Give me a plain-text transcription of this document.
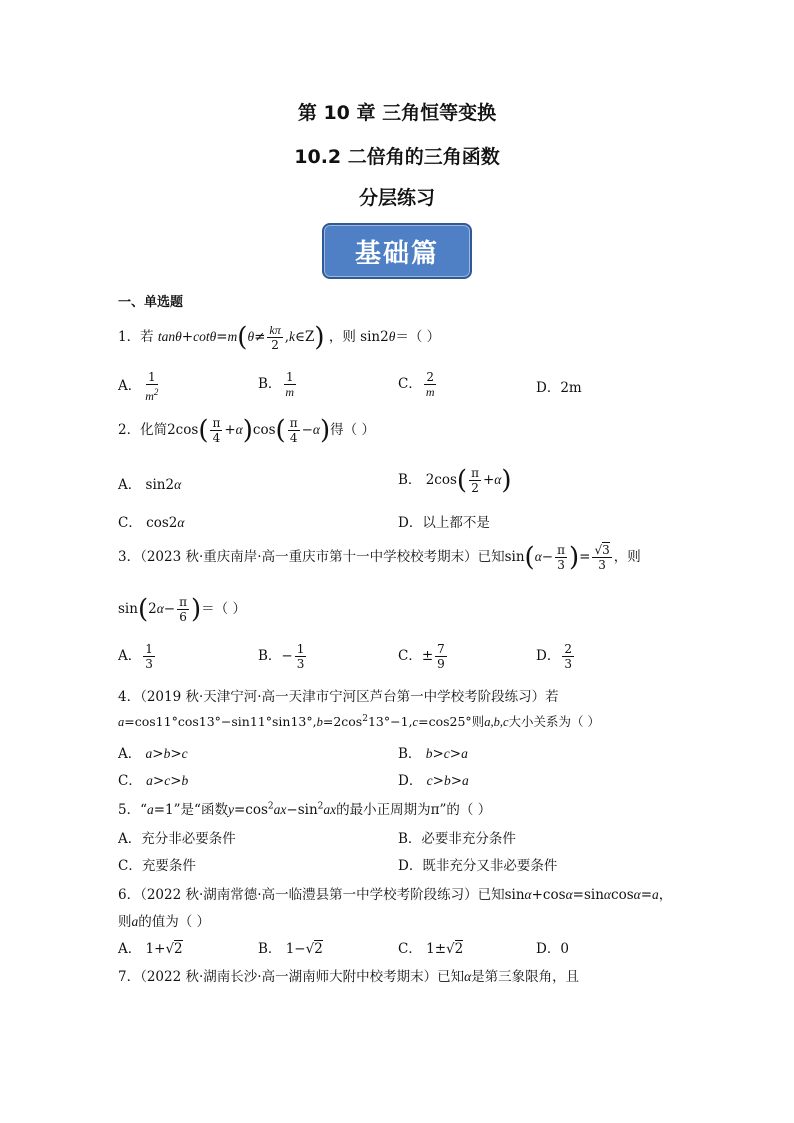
第 10 章 三角恒等变换
10.2 二倍角的三角函数
分层练习
基础篇
一、单选题
1．若 $\tan\theta+\cot\theta=m(\theta\ne \frac{k\pi}{2}$ ,k∈Z) ，则 sin2θ＝（ ）
A． $\frac{1}{m^2}$	B． $\frac{1}{m}$	C． $\frac{2}{m}$	D．2m
2．化简$2\cos( \frac{\pi}{4} +\alpha)\cos( \frac{\pi}{4} -\alpha)$得（ ）
A． sin2α	B． $2\cos( \frac{\pi}{2} +\alpha)$
C． cos2α	D．以上都不是
3．（2023 秋·重庆南岸·高一重庆市第十一中学校校考期末）已知$\sin(\alpha- \frac{\pi}{3}$ )= $\frac{√3}{3}$ ，则
$\sin(2\alpha- \frac{\pi}{6}$ )＝（ ）
A． $\frac{1}{3}$	B．− $\frac{1}{3}$	C．± $\frac{7}{9}$	D． $\frac{2}{3}$
4．（2019 秋·天津宁河·高一天津市宁河区芦台第一中学校考阶段练习）若
$a=\cos 11^\circ\cos 13^\circ-\sin 11^\circ\sin 13^\circ,b=2\cos^213^\circ-1,c=\cos 25^\circ$则a,b,c大小关系为（ ）
A． a>b>c	B． b>c>a
C． a>c>b	D． c>b>a
5．“a=1”是“函数$y=\cos^2ax-\sin^2ax$的最小正周期为π”的（ ）
A．充分非必要条件	B．必要非充分条件
C．充要条件	D．既非充分又非必要条件
6．（2022 秋·湖南常德·高一临澧县第一中学校考阶段练习）已知sinα+cosα=sinαcosα=a，
则a的值为（ ）
A． 1+√2	B． 1−√2	C． 1±√2	D．0
7．（2022 秋·湖南长沙·高一湖南师大附中校考期末）已知α是第三象限角，且
